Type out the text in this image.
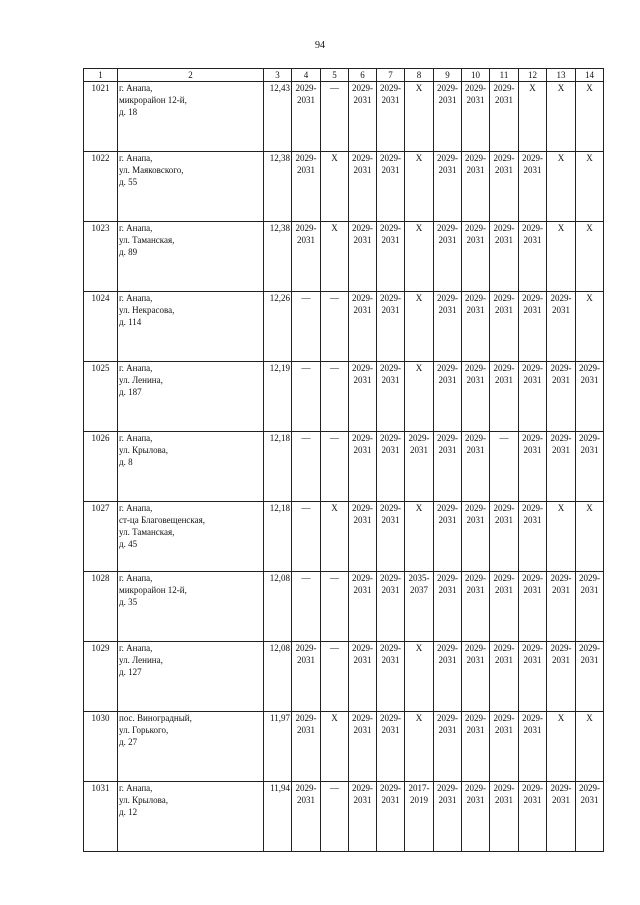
94
1	2	3	4	5	6	7	8	9	10	11	12	13	14
1021	г. Анапа,
микрорайон 12-й,
д. 18	12,43	2029-
2031	—	2029-
2031	2029-
2031	X	2029-
2031	2029-
2031	2029-
2031	X	X	X

1022	г. Анапа,
ул. Маяковского,
д. 55	12,38	2029-
2031	X	2029-
2031	2029-
2031	X	2029-
2031	2029-
2031	2029-
2031	2029-
2031	X	X

1023	г. Анапа,
ул. Таманская,
д. 89	12,38	2029-
2031	X	2029-
2031	2029-
2031	X	2029-
2031	2029-
2031	2029-
2031	2029-
2031	X	X

1024	г. Анапа,
ул. Некрасова,
д. 114	12,26	—	—	2029-
2031	2029-
2031	X	2029-
2031	2029-
2031	2029-
2031	2029-
2031	2029-
2031	X

1025	г. Анапа,
ул. Ленина,
д. 187	12,19	—	—	2029-
2031	2029-
2031	X	2029-
2031	2029-
2031	2029-
2031	2029-
2031	2029-
2031	2029-
2031

1026	г. Анапа,
ул. Крылова,
д. 8	12,18	—	—	2029-
2031	2029-
2031	2029-
2031	2029-
2031	2029-
2031	—	2029-
2031	2029-
2031	2029-
2031

1027	г. Анапа,
ст-ца Благовещенская,
ул. Таманская,
д. 45	12,18	—	X	2029-
2031	2029-
2031	X	2029-
2031	2029-
2031	2029-
2031	2029-
2031	X	X

1028	г. Анапа,
микрорайон 12-й,
д. 35	12,08	—	—	2029-
2031	2029-
2031	2035-
2037	2029-
2031	2029-
2031	2029-
2031	2029-
2031	2029-
2031	2029-
2031

1029	г. Анапа,
ул. Ленина,
д. 127	12,08	2029-
2031	—	2029-
2031	2029-
2031	X	2029-
2031	2029-
2031	2029-
2031	2029-
2031	2029-
2031	2029-
2031

1030	пос. Виноградный,
ул. Горького,
д. 27	11,97	2029-
2031	X	2029-
2031	2029-
2031	X	2029-
2031	2029-
2031	2029-
2031	2029-
2031	X	X

1031	г. Анапа,
ул. Крылова,
д. 12	11,94	2029-
2031	—	2029-
2031	2029-
2031	2017-
2019	2029-
2031	2029-
2031	2029-
2031	2029-
2031	2029-
2031	2029-
2031
